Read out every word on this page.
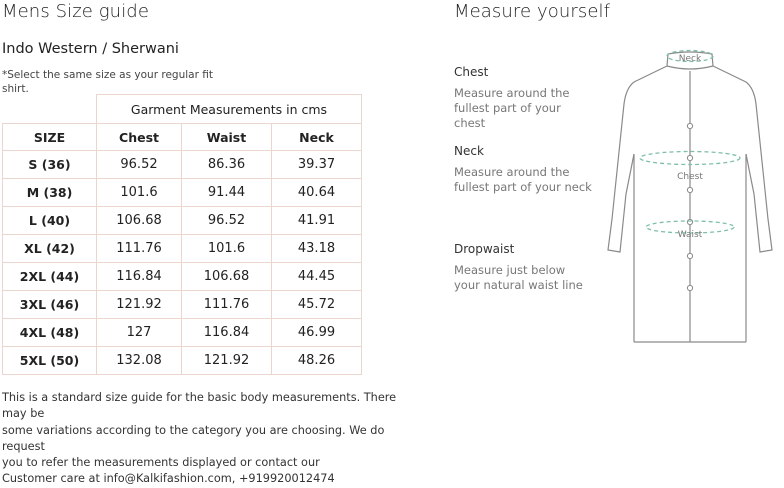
Mens Size guide
Indo Western / Sherwani
*Select the same size as your regular fit shirt.
	Garment Measurements in cms		
SIZE	Chest	Waist	Neck
S (36)	96.52	86.36	39.37
M (38)	101.6	91.44	40.64
L (40)	106.68	96.52	41.91
XL (42)	111.76	101.6	43.18
2XL (44)	116.84	106.68	44.45
3XL (46)	121.92	111.76	45.72
4XL (48)	127	116.84	46.99
5XL (50)	132.08	121.92	48.26
This is a standard size guide for the basic body measurements. There may be
some variations according to the category you are choosing. We do request
you to refer the measurements displayed or contact our
Customer care at info@Kalkifashion.com, +919920012474
Measure yourself
Chest
Measure around the fullest part of your chest
Neck
Measure around the fullest part of your neck
Dropwaist
Measure just below your natural waist line
Neck
Chest
Waist
